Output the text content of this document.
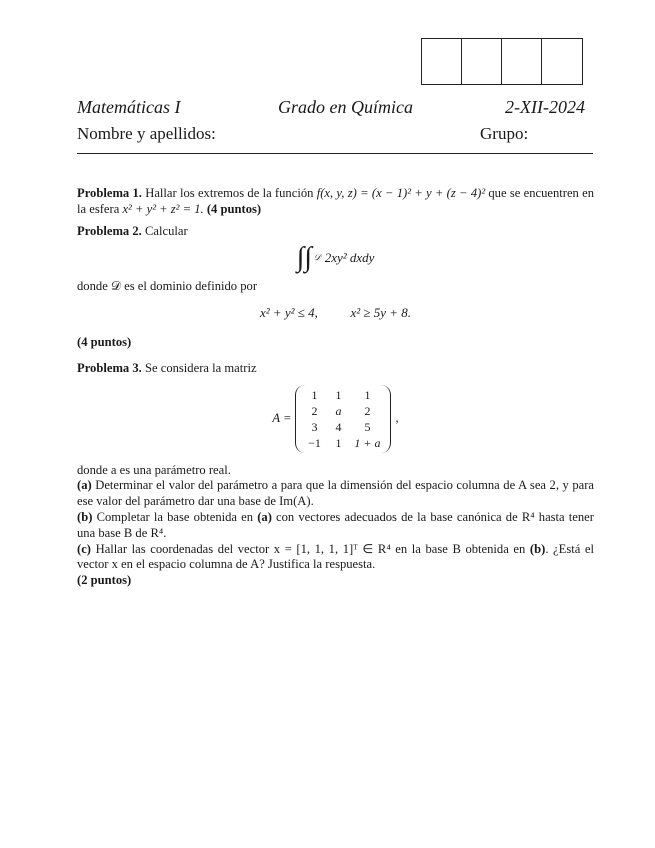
Matemáticas I	Grado en Química	2-XII-2024
Nombre y apellidos:	Grupo:

Problema 1. Hallar los extremos de la función f(x, y, z) = (x − 1)² + y + (z − 4)² que se encuentren en la esfera x² + y² + z² = 1. (4 puntos)

Problema 2. Calcular

∫∫ 𝒟 2xy² dxdy

donde 𝒟 es el dominio definido por

x² + y² ≤ 4,	x² ≥ 5y + 8.

(4 puntos)

Problema 3. Se considera la matriz

A =
1	1	1
2	a	2
3	4	5
−1	1	1 + a
,

donde a es una parámetro real.

(a) Determinar el valor del parámetro a para que la dimensión del espacio columna de A sea 2, y para ese valor del parámetro dar una base de Im(A).

(b) Completar la base obtenida en (a) con vectores adecuados de la base canónica de R⁴ hasta tener una base B de R⁴.

(c) Hallar las coordenadas del vector x = [1, 1, 1, 1]ᵀ ∈ R⁴ en la base B obtenida en (b). ¿Está el vector x en el espacio columna de A? Justifica la respuesta.

(2 puntos)
